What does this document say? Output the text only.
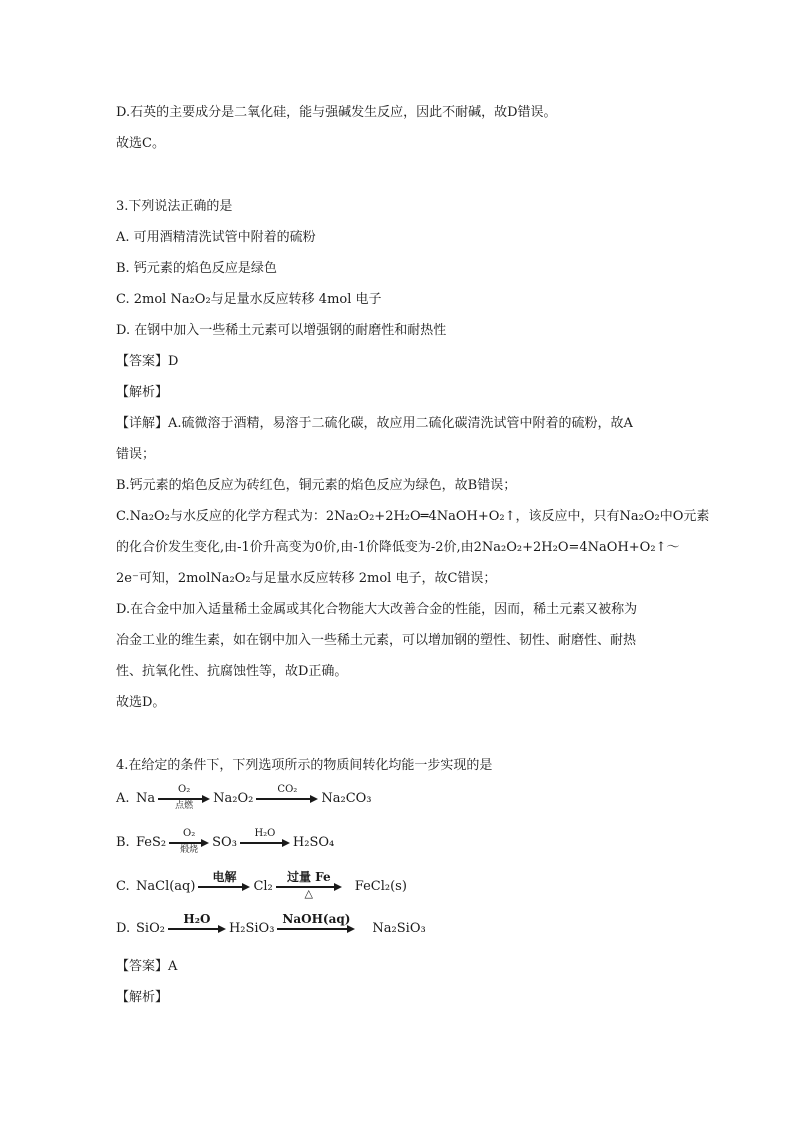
D.石英的主要成分是二氧化硅，能与强碱发生反应，因此不耐碱，故D错误。
故选C。
3.下列说法正确的是
A. 可用酒精清洗试管中附着的硫粉
B. 钙元素的焰色反应是绿色
C. 2mol Na₂O₂与足量水反应转移 4mol 电子
D. 在钢中加入一些稀土元素可以增强钢的耐磨性和耐热性
【答案】D
【解析】
【详解】A.硫微溶于酒精，易溶于二硫化碳，故应用二硫化碳清洗试管中附着的硫粉，故A
错误；
B.钙元素的焰色反应为砖红色，铜元素的焰色反应为绿色，故B错误；
C.Na₂O₂与水反应的化学方程式为：2Na₂O₂+2H₂O═4NaOH+O₂↑，该反应中，只有Na₂O₂中O元素
的化合价发生变化,由-1价升高变为0价,由-1价降低变为-2价,由2Na₂O₂+2H₂O=4NaOH+O₂↑～
2e⁻可知，2molNa₂O₂与足量水反应转移 2mol 电子，故C错误；
D.在合金中加入适量稀土金属或其化合物能大大改善合金的性能，因而，稀土元素又被称为
冶金工业的维生素，如在钢中加入一些稀土元素，可以增加钢的塑性、韧性、耐磨性、耐热
性、抗氧化性、抗腐蚀性等，故D正确。
故选D。
4.在给定的条件下，下列选项所示的物质间转化均能一步实现的是
A. Na
O₂
点燃	Na₂O₂
CO₂
Na₂CO₃
B. FeS₂
O₂
煅烧	SO₃
H₂O
H₂SO₄
C. NaCl(aq)
电解
Cl₂
过量 Fe
△	FeCl₂(s)
D. SiO₂
H₂O
H₂SiO₃
NaOH(aq)
Na₂SiO₃
【答案】A
【解析】
